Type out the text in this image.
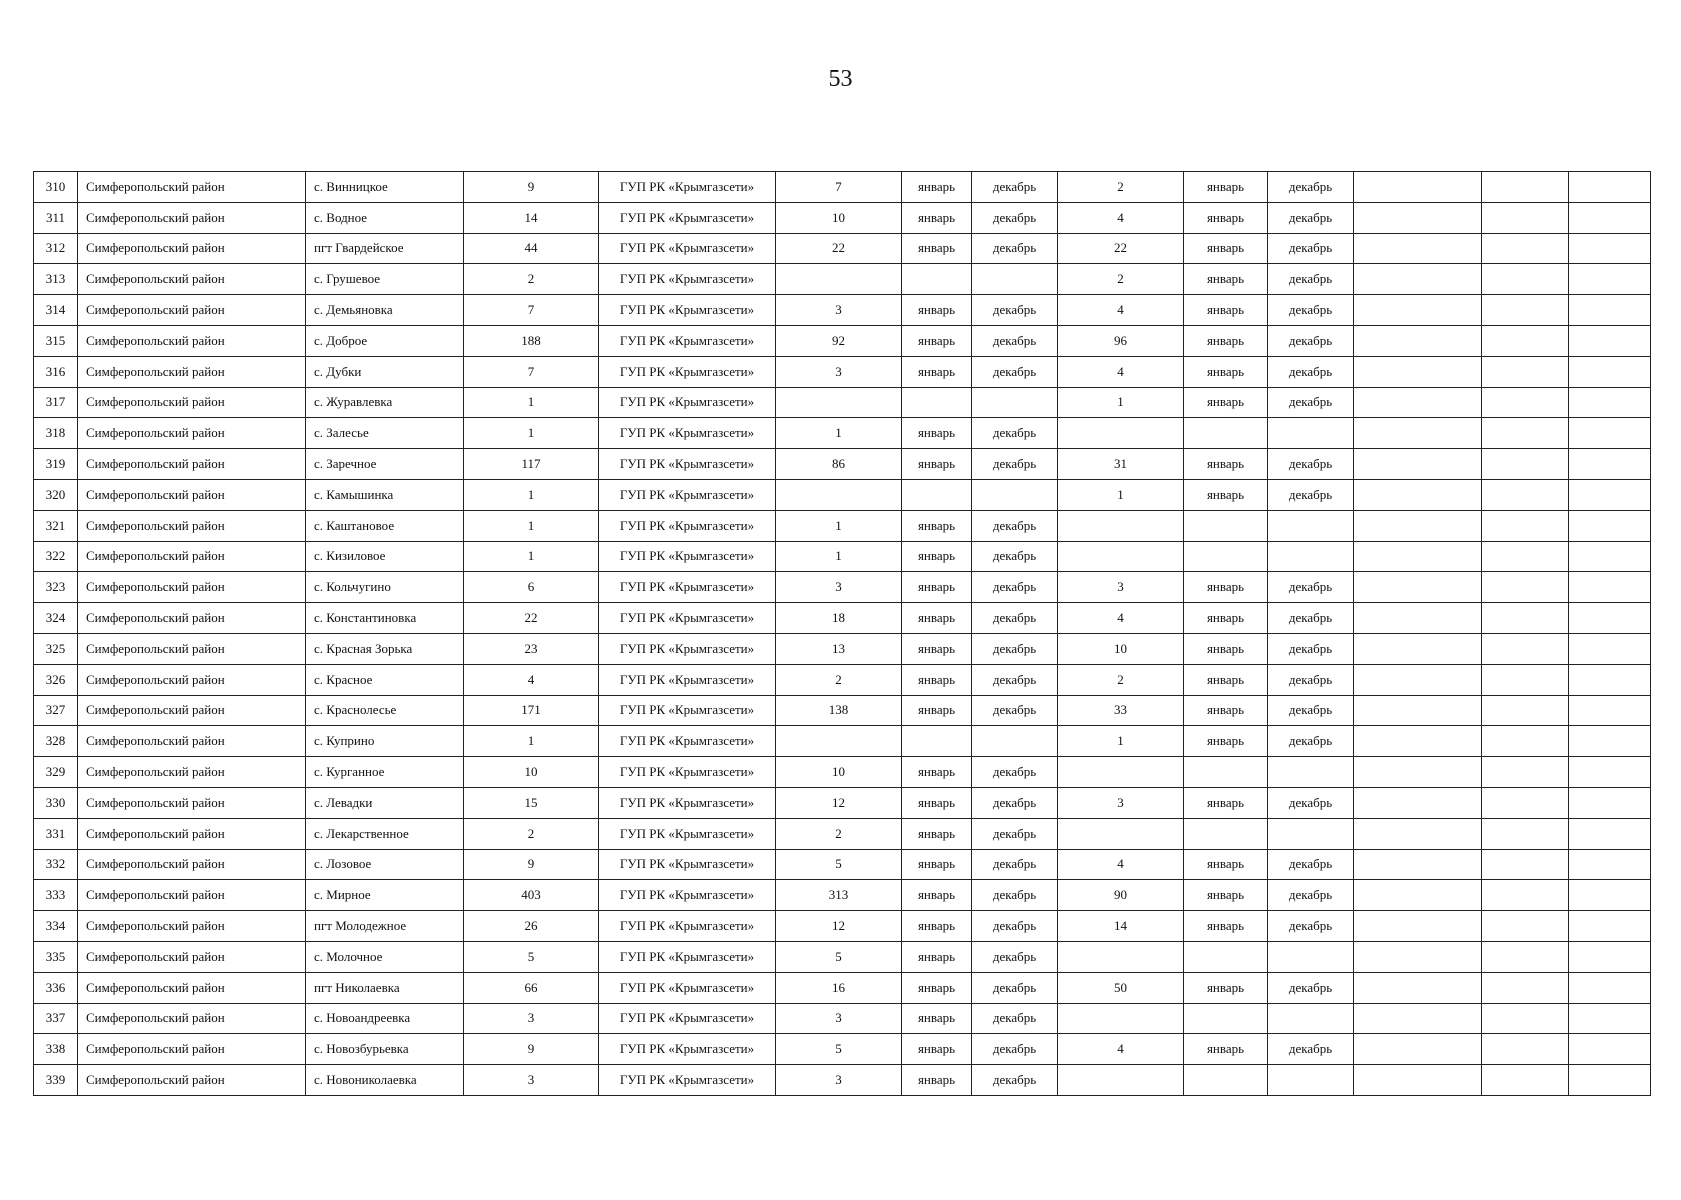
53
310	Симферопольский район	с. Винницкое	9	ГУП РК «Крымгазсети»	7	январь	декабрь	2	январь	декабрь			
311	Симферопольский район	с. Водное	14	ГУП РК «Крымгазсети»	10	январь	декабрь	4	январь	декабрь			
312	Симферопольский район	пгт Гвардейское	44	ГУП РК «Крымгазсети»	22	январь	декабрь	22	январь	декабрь			
313	Симферопольский район	с. Грушевое	2	ГУП РК «Крымгазсети»				2	январь	декабрь			
314	Симферопольский район	с. Демьяновка	7	ГУП РК «Крымгазсети»	3	январь	декабрь	4	январь	декабрь			
315	Симферопольский район	с. Доброе	188	ГУП РК «Крымгазсети»	92	январь	декабрь	96	январь	декабрь			
316	Симферопольский район	с. Дубки	7	ГУП РК «Крымгазсети»	3	январь	декабрь	4	январь	декабрь			
317	Симферопольский район	с. Журавлевка	1	ГУП РК «Крымгазсети»				1	январь	декабрь			
318	Симферопольский район	с. Залесье	1	ГУП РК «Крымгазсети»	1	январь	декабрь						
319	Симферопольский район	с. Заречное	117	ГУП РК «Крымгазсети»	86	январь	декабрь	31	январь	декабрь			
320	Симферопольский район	с. Камышинка	1	ГУП РК «Крымгазсети»				1	январь	декабрь			
321	Симферопольский район	с. Каштановое	1	ГУП РК «Крымгазсети»	1	январь	декабрь						
322	Симферопольский район	с. Кизиловое	1	ГУП РК «Крымгазсети»	1	январь	декабрь						
323	Симферопольский район	с. Кольчугино	6	ГУП РК «Крымгазсети»	3	январь	декабрь	3	январь	декабрь			
324	Симферопольский район	с. Константиновка	22	ГУП РК «Крымгазсети»	18	январь	декабрь	4	январь	декабрь			
325	Симферопольский район	с. Красная Зорька	23	ГУП РК «Крымгазсети»	13	январь	декабрь	10	январь	декабрь			
326	Симферопольский район	с. Красное	4	ГУП РК «Крымгазсети»	2	январь	декабрь	2	январь	декабрь			
327	Симферопольский район	с. Краснолесье	171	ГУП РК «Крымгазсети»	138	январь	декабрь	33	январь	декабрь			
328	Симферопольский район	с. Куприно	1	ГУП РК «Крымгазсети»				1	январь	декабрь			
329	Симферопольский район	с. Курганное	10	ГУП РК «Крымгазсети»	10	январь	декабрь						
330	Симферопольский район	с. Левадки	15	ГУП РК «Крымгазсети»	12	январь	декабрь	3	январь	декабрь			
331	Симферопольский район	с. Лекарственное	2	ГУП РК «Крымгазсети»	2	январь	декабрь						
332	Симферопольский район	с. Лозовое	9	ГУП РК «Крымгазсети»	5	январь	декабрь	4	январь	декабрь			
333	Симферопольский район	с. Мирное	403	ГУП РК «Крымгазсети»	313	январь	декабрь	90	январь	декабрь			
334	Симферопольский район	пгт Молодежное	26	ГУП РК «Крымгазсети»	12	январь	декабрь	14	январь	декабрь			
335	Симферопольский район	с. Молочное	5	ГУП РК «Крымгазсети»	5	январь	декабрь						
336	Симферопольский район	пгт Николаевка	66	ГУП РК «Крымгазсети»	16	январь	декабрь	50	январь	декабрь			
337	Симферопольский район	с. Новоандреевка	3	ГУП РК «Крымгазсети»	3	январь	декабрь						
338	Симферопольский район	с. Новозбурьевка	9	ГУП РК «Крымгазсети»	5	январь	декабрь	4	январь	декабрь			
339	Симферопольский район	с. Новониколаевка	3	ГУП РК «Крымгазсети»	3	январь	декабрь						
